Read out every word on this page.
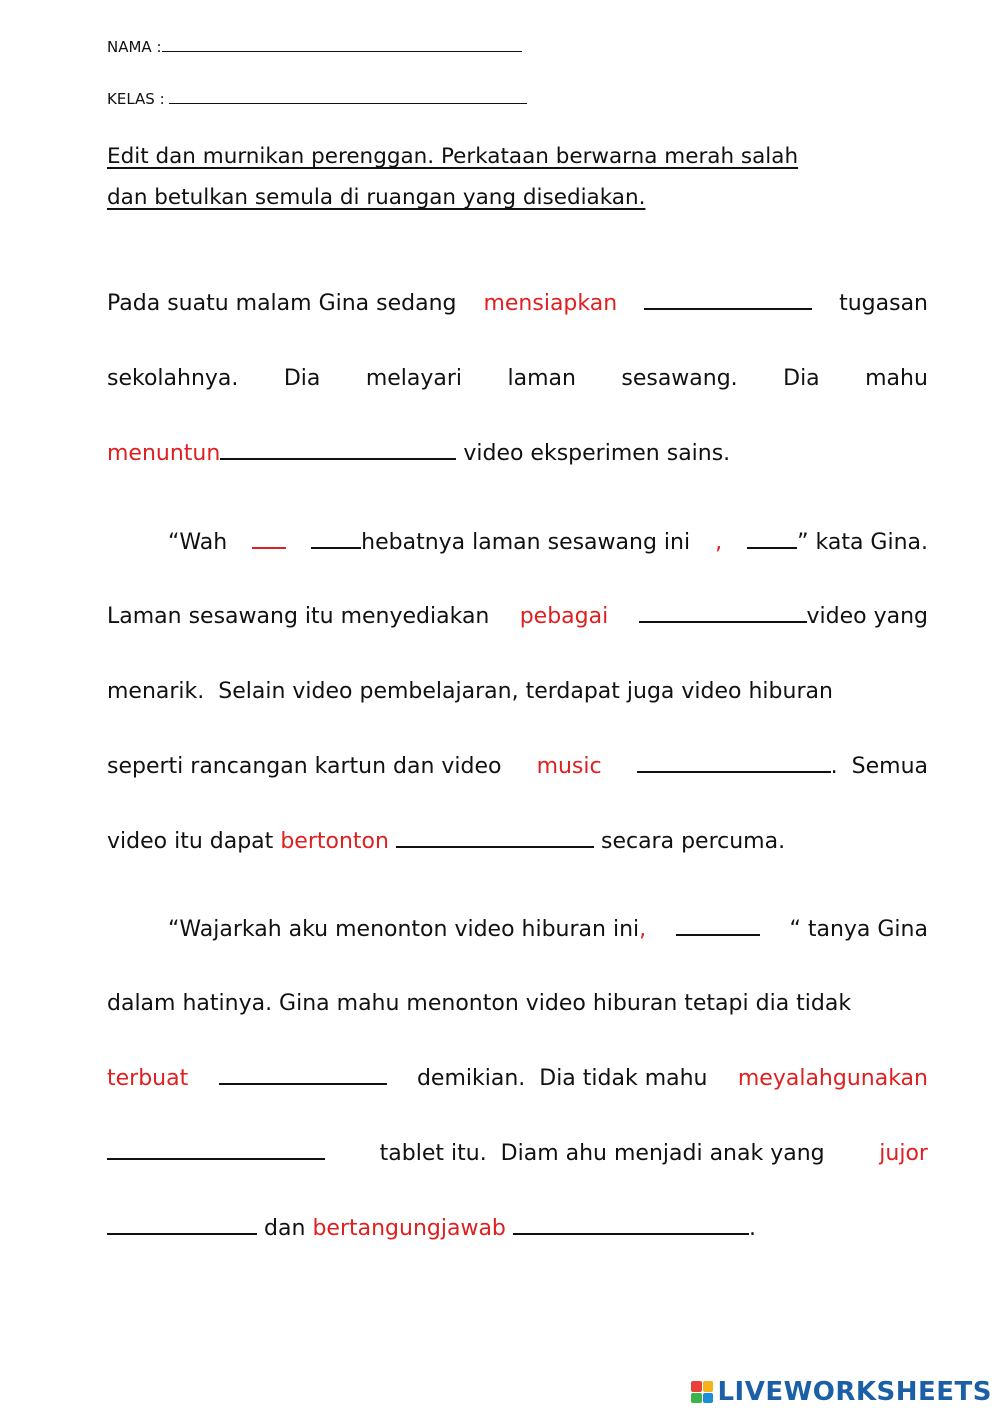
NAMA :
KELAS :
Edit dan murnikan perenggan. Perkataan berwarna merah salah
dan betulkan semula di ruangan yang disediakan.
Pada suatu malam Gina sedang mensiapkan	tugasan
sekolahnya. Dia melayari laman sesawang. Dia mahu
menuntun	video eksperimen sains.
“Wah	hebatnya laman sesawang ini ,	” kata Gina.
Laman sesawang itu menyediakan pebagai	video yang
menarik.  Selain video pembelajaran, terdapat juga video hiburan
seperti rancangan kartun dan video music	.  Semua
video itu dapat bertonton	secara percuma.
“Wajarkah aku menonton video hiburan ini,	“ tanya Gina
dalam hatinya. Gina mahu menonton video hiburan tetapi dia tidak
terbuat	demikian.  Dia tidak mahu meyalahgunakan
tablet itu.  Diam ahu menjadi anak yang jujor
dan bertangungjawab	.
LIVEWORKSHEETS
